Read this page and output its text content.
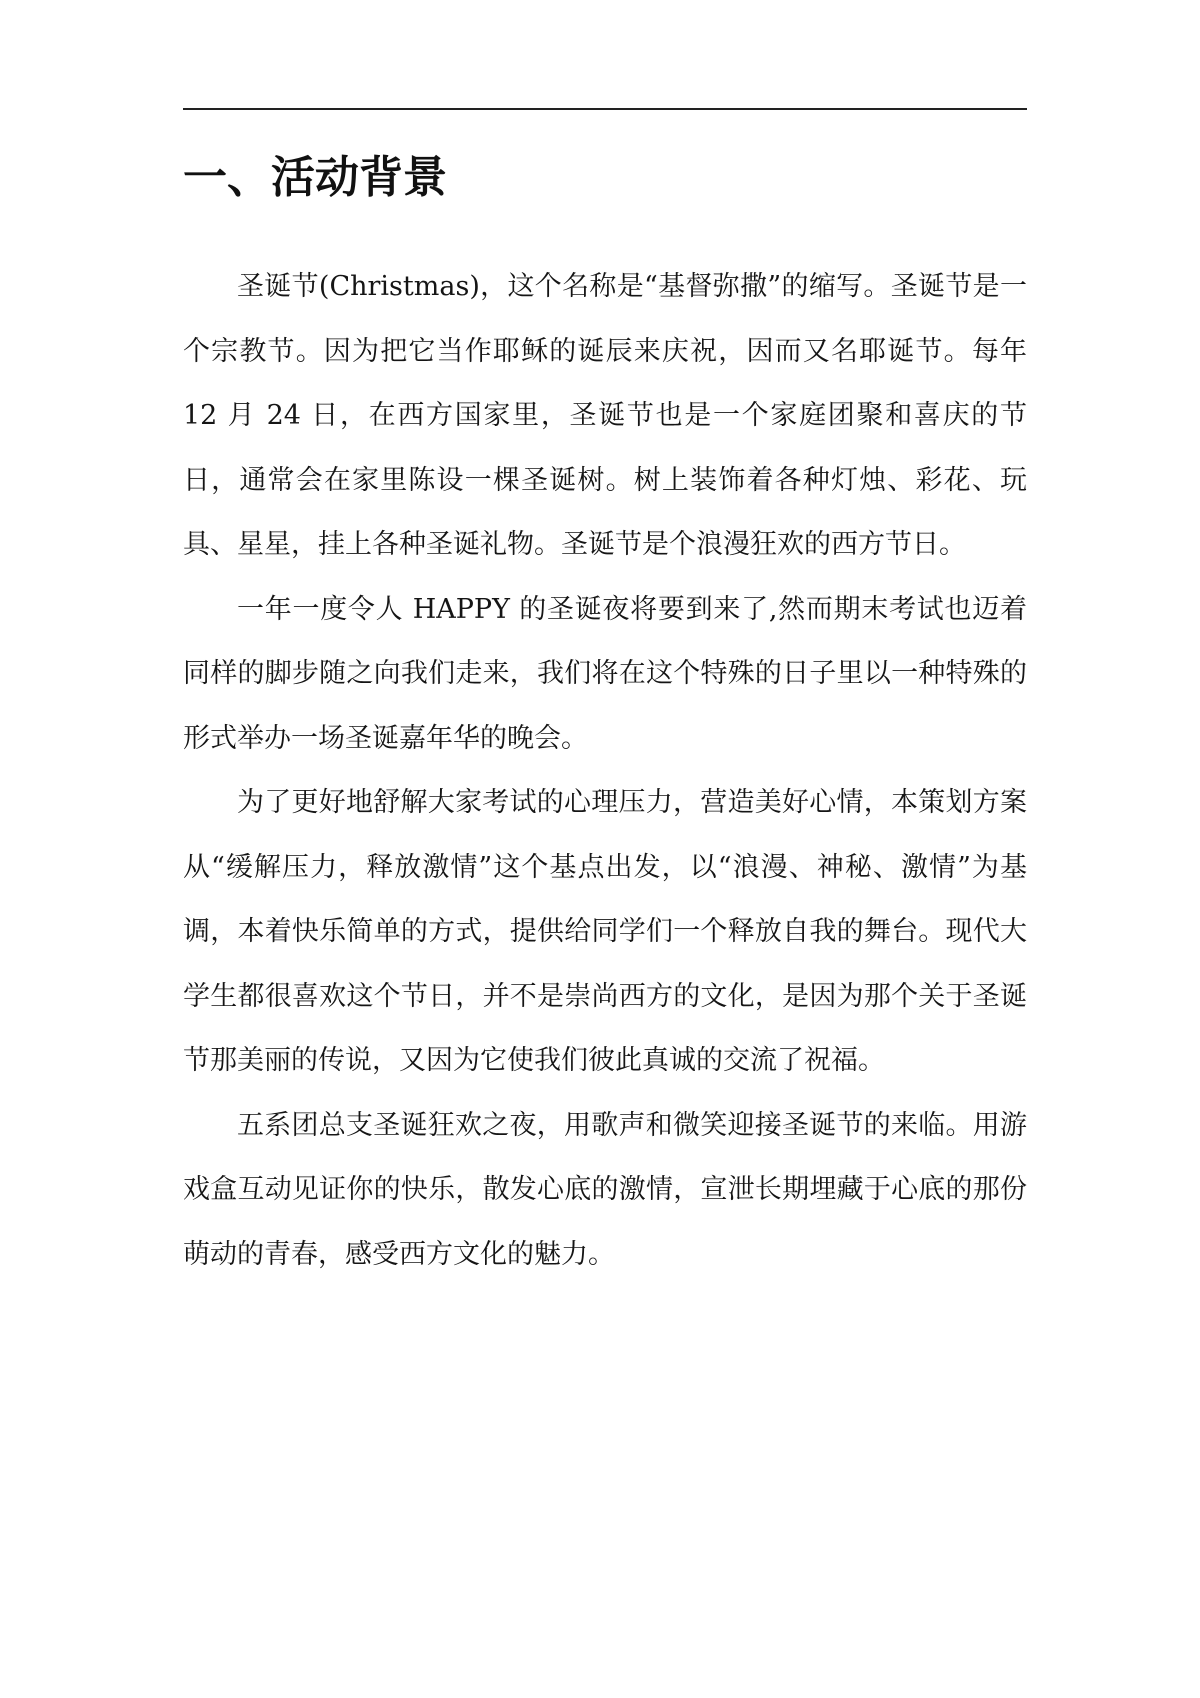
一、活动背景

圣诞节(Christmas)，这个名称是“基督弥撒”的缩写。圣诞节是一个宗教节。因为把它当作耶稣的诞辰来庆祝，因而又名耶诞节。每年 12 月 24 日，在西方国家里，圣诞节也是一个家庭团聚和喜庆的节日，通常会在家里陈设一棵圣诞树。树上装饰着各种灯烛、彩花、玩具、星星，挂上各种圣诞礼物。圣诞节是个浪漫狂欢的西方节日。

一年一度令人 HAPPY 的圣诞夜将要到来了,然而期末考试也迈着同样的脚步随之向我们走来，我们将在这个特殊的日子里以一种特殊的形式举办一场圣诞嘉年华的晚会。

为了更好地舒解大家考试的心理压力，营造美好心情，本策划方案从“缓解压力，释放激情”这个基点出发，以“浪漫、神秘、激情”为基调，本着快乐简单的方式，提供给同学们一个释放自我的舞台。现代大学生都很喜欢这个节日，并不是崇尚西方的文化，是因为那个关于圣诞节那美丽的传说，又因为它使我们彼此真诚的交流了祝福。

五系团总支圣诞狂欢之夜，用歌声和微笑迎接圣诞节的来临。用游戏盒互动见证你的快乐，散发心底的激情，宣泄长期埋藏于心底的那份萌动的青春，感受西方文化的魅力。
